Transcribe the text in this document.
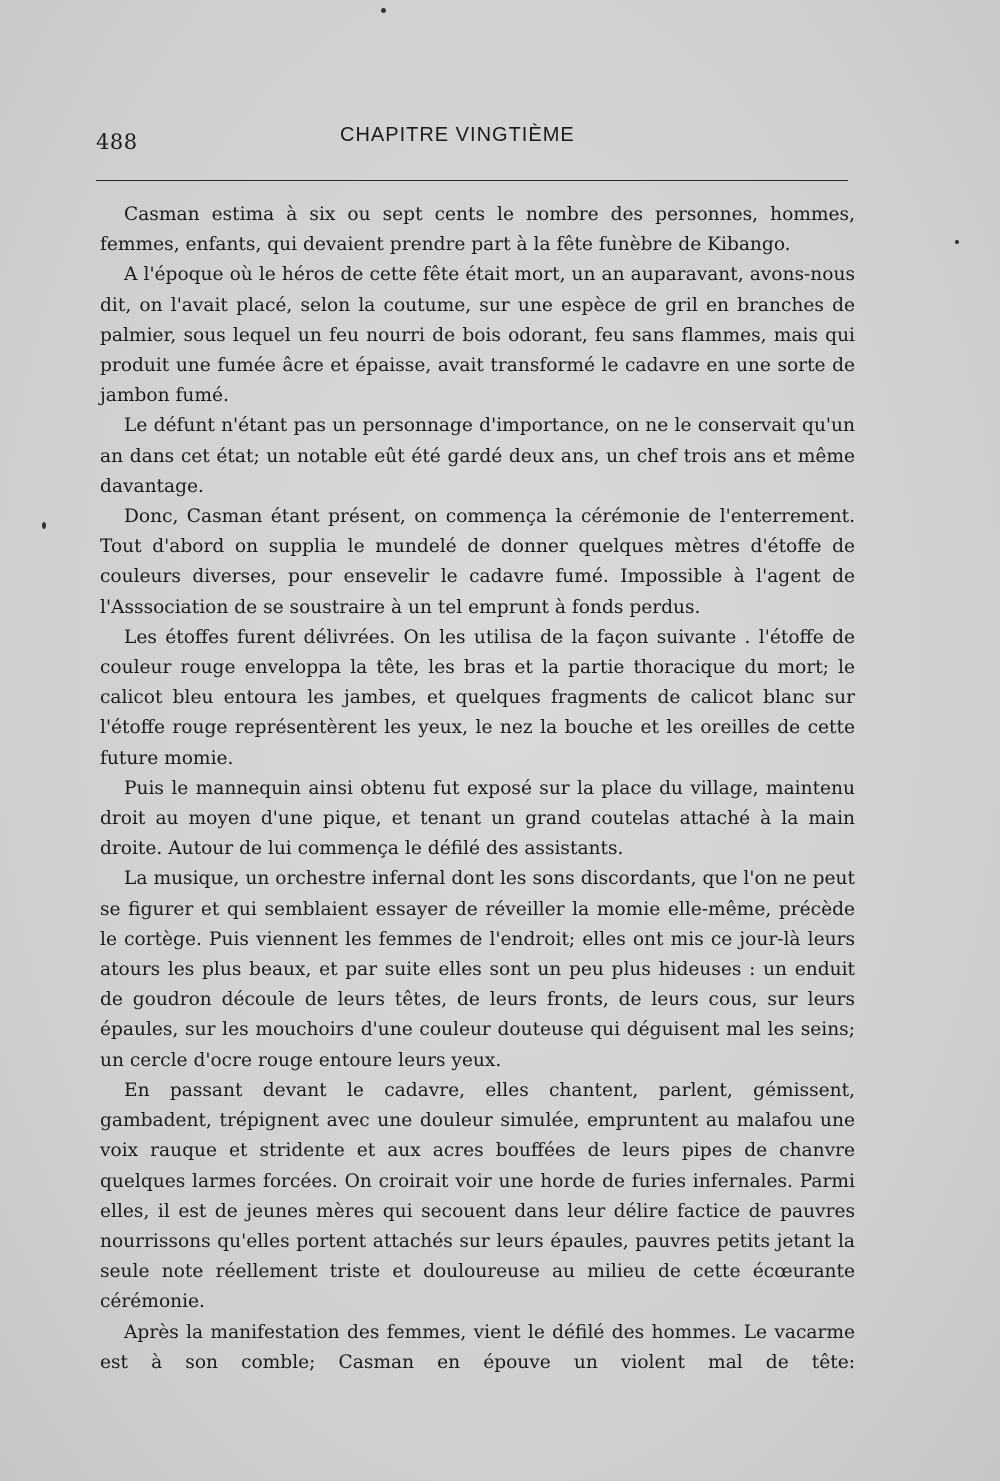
488	CHAPITRE VINGTIÈME

Casman estima à six ou sept cents le nombre des personnes, hommes, femmes, enfants, qui devaient prendre part à la fête funèbre de Kibango.

A l'époque où le héros de cette fête était mort, un an auparavant, avons-nous dit, on l'avait placé, selon la coutume, sur une espèce de gril en branches de palmier, sous lequel un feu nourri de bois odorant, feu sans flammes, mais qui produit une fumée âcre et épaisse, avait transformé le cadavre en une sorte de jambon fumé.

Le défunt n'étant pas un personnage d'importance, on ne le conservait qu'un an dans cet état; un notable eût été gardé deux ans, un chef trois ans et même davantage.

Donc, Casman étant présent, on commença la cérémonie de l'enterrement. Tout d'abord on supplia le mundelé de donner quelques mètres d'étoffe de couleurs diverses, pour ensevelir le cadavre fumé. Impossible à l'agent de l'Asssociation de se soustraire à un tel emprunt à fonds perdus.

Les étoffes furent délivrées. On les utilisa de la façon suivante . l'étoffe de couleur rouge enveloppa la tête, les bras et la partie thoracique du mort; le calicot bleu entoura les jambes, et quelques fragments de calicot blanc sur l'étoffe rouge représentèrent les yeux, le nez la bouche et les oreilles de cette future momie.

Puis le mannequin ainsi obtenu fut exposé sur la place du village, maintenu droit au moyen d'une pique, et tenant un grand coutelas attaché à la main droite. Autour de lui commença le défilé des assistants.

La musique, un orchestre infernal dont les sons discordants, que l'on ne peut se figurer et qui semblaient essayer de réveiller la momie elle-même, précède le cortège. Puis viennent les femmes de l'endroit; elles ont mis ce jour-là leurs atours les plus beaux, et par suite elles sont un peu plus hideuses : un enduit de goudron découle de leurs têtes, de leurs fronts, de leurs cous, sur leurs épaules, sur les mouchoirs d'une couleur douteuse qui déguisent mal les seins; un cercle d'ocre rouge entoure leurs yeux.

En passant devant le cadavre, elles chantent, parlent, gémissent, gambadent, trépignent avec une douleur simulée, empruntent au malafou une voix rauque et stridente et aux acres bouffées de leurs pipes de chanvre quelques larmes forcées. On croirait voir une horde de furies infernales. Parmi elles, il est de jeunes mères qui secouent dans leur délire factice de pauvres nourrissons qu'elles portent attachés sur leurs épaules, pauvres petits jetant la seule note réellement triste et douloureuse au milieu de cette écœurante cérémonie.

Après la manifestation des femmes, vient le défilé des hommes. Le vacarme est à son comble; Casman en épouve un violent mal de tête:
